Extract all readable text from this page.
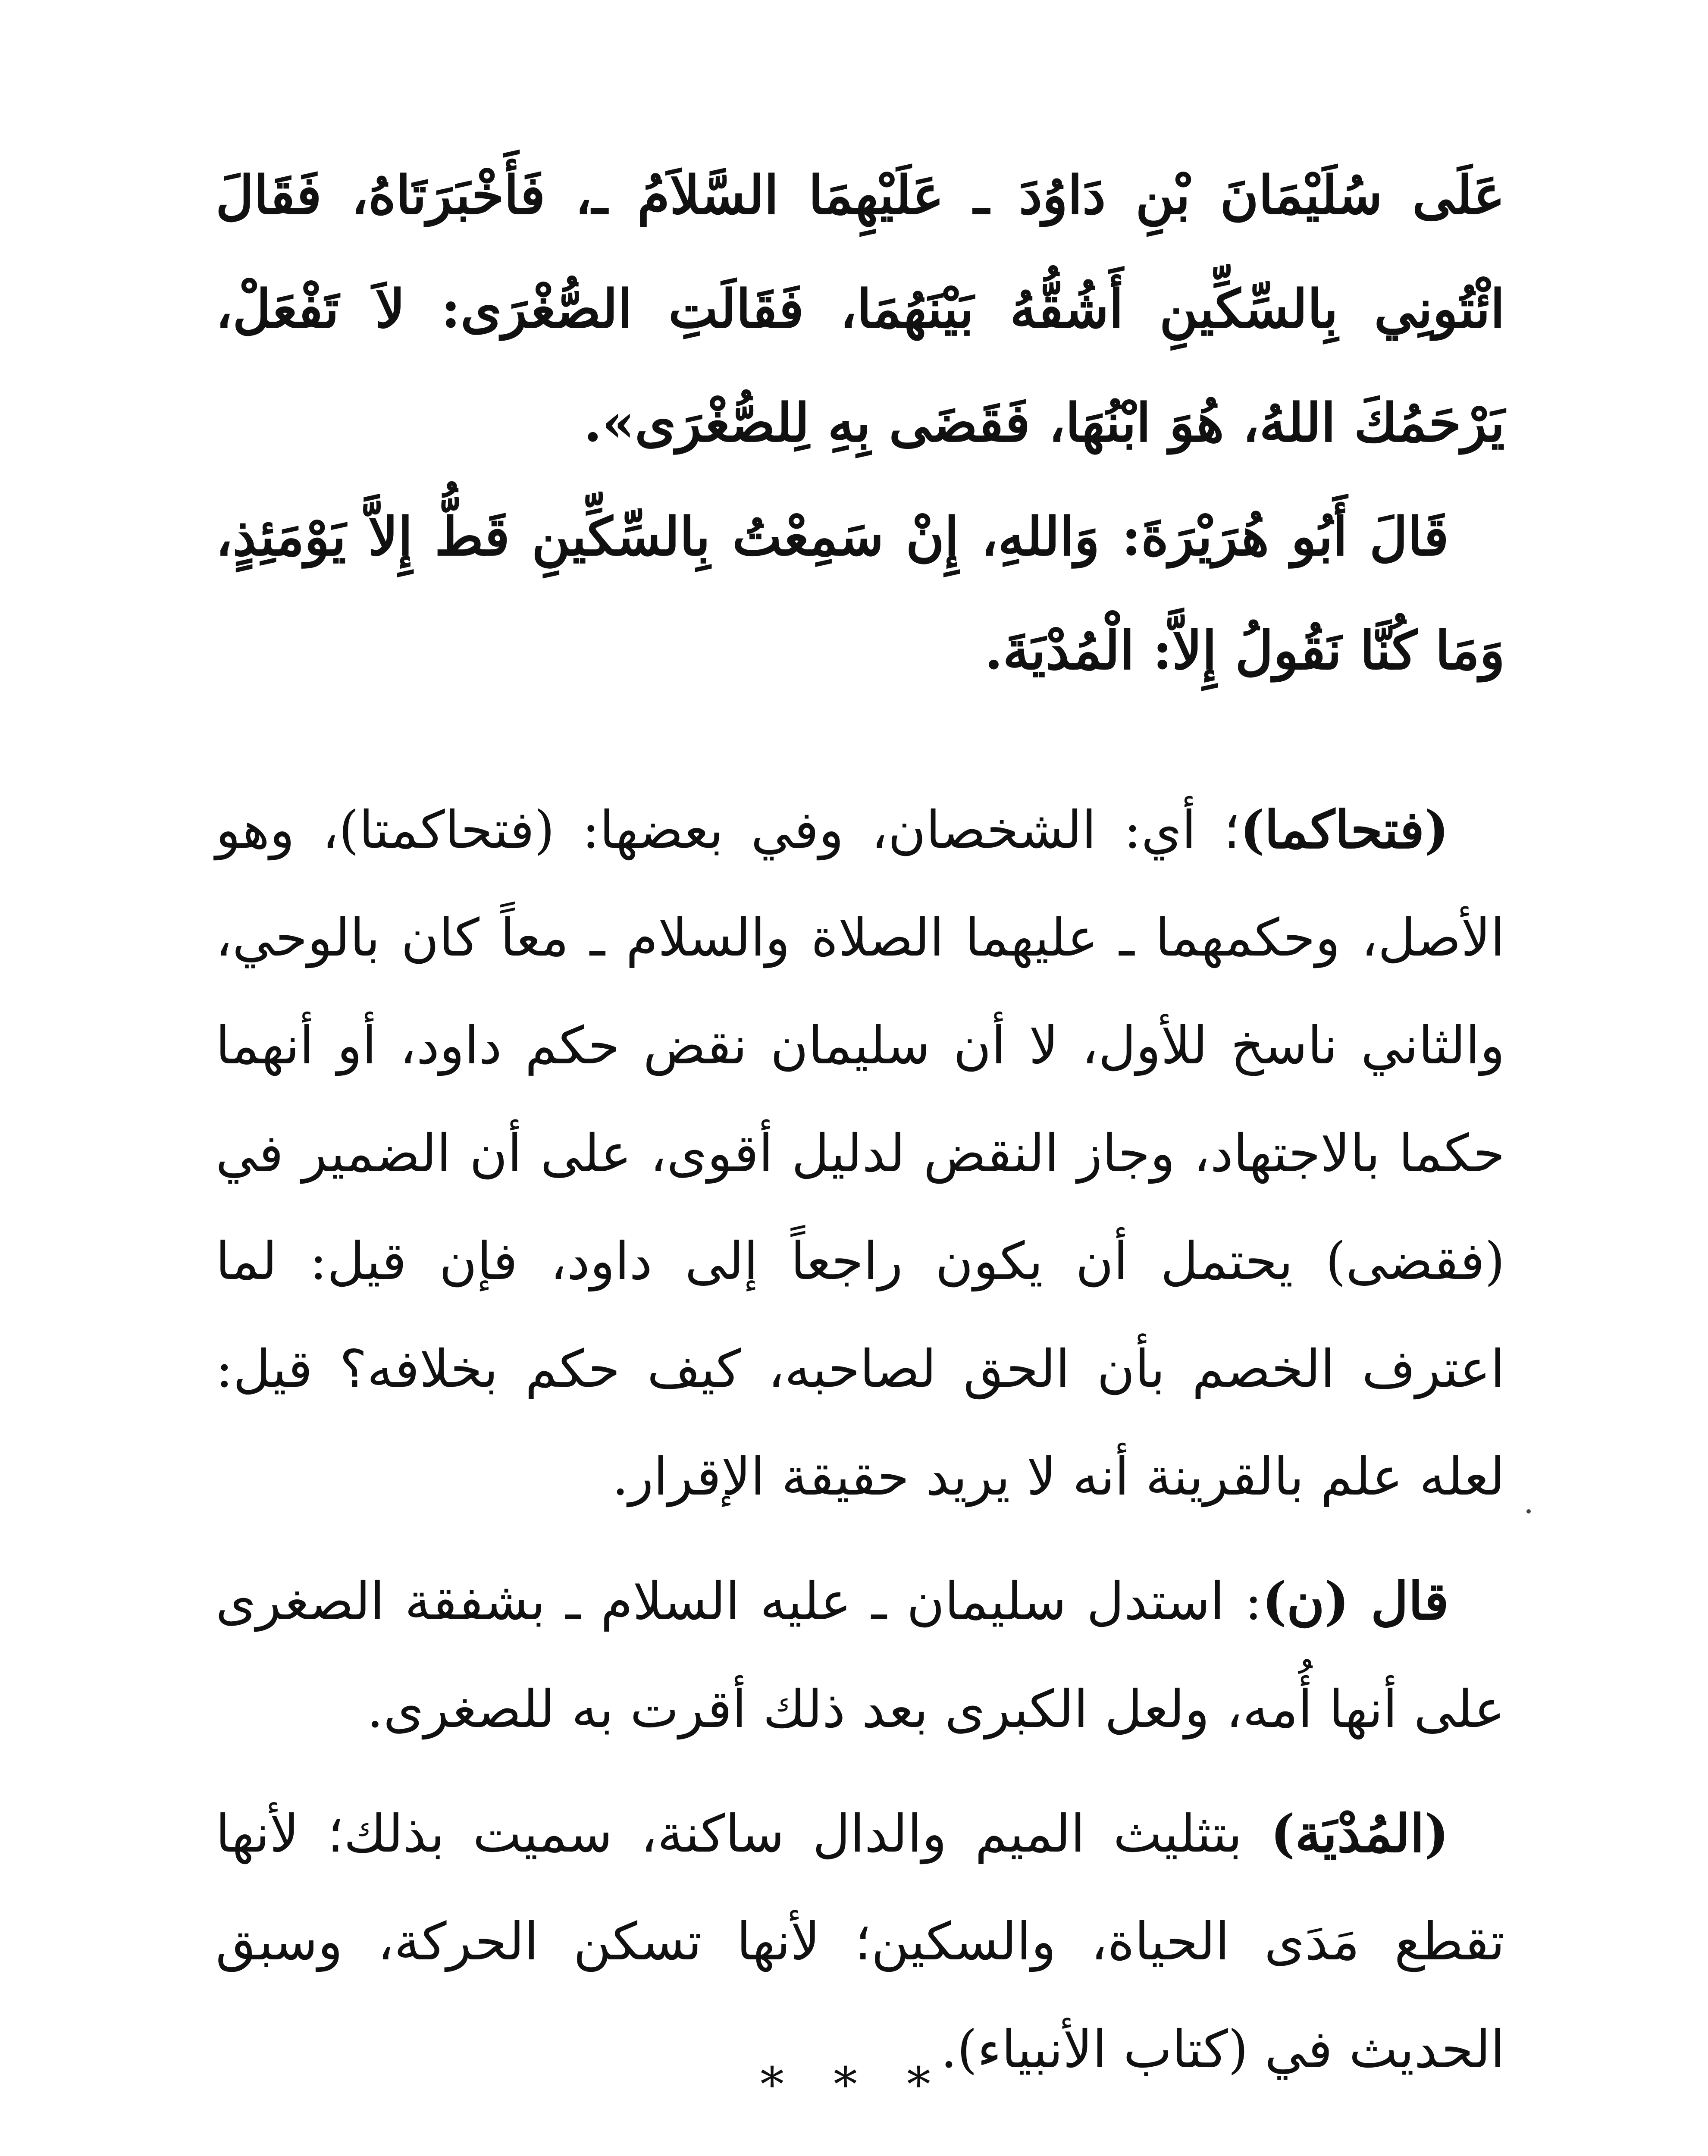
عَلَى سُلَيْمَانَ بْنِ دَاوُدَ ـ عَلَيْهِمَا السَّلاَمُ ـ، فَأَخْبَرَتَاهُ، فَقَالَ ائْتُونِي بِالسِّكِّينِ أَشُقُّهُ بَيْنَهُمَا، فَقَالَتِ الصُّغْرَى: لاَ تَفْعَلْ، يَرْحَمُكَ اللهُ، هُوَ ابْنُهَا، فَقَضَى بِهِ لِلصُّغْرَى».

قَالَ أَبُو هُرَيْرَةَ: وَاللهِ، إِنْ سَمِعْتُ بِالسِّكِّينِ قَطُّ إِلاَّ يَوْمَئِذٍ، وَمَا كُنَّا نَقُولُ إِلاَّ: الْمُدْيَةَ.

(فتحاكما)؛ أي: الشخصان، وفي بعضها: (فتحاكمتا)، وهو الأصل، وحكمهما ـ عليهما الصلاة والسلام ـ معاً كان بالوحي، والثاني ناسخ للأول، لا أن سليمان نقض حكم داود، أو أنهما حكما بالاجتهاد، وجاز النقض لدليل أقوى، على أن الضمير في (فقضى) يحتمل أن يكون راجعاً إلى داود، فإن قيل: لما اعترف الخصم بأن الحق لصاحبه، كيف حكم بخلافه؟ قيل: لعله علم بالقرينة أنه لا يريد حقيقة الإقرار.

قال (ن): استدل سليمان ـ عليه السلام ـ بشفقة الصغرى على أنها أُمه، ولعل الكبرى بعد ذلك أقرت به للصغرى.

(المُدْيَة) بتثليث الميم والدال ساكنة، سميت بذلك؛ لأنها تقطع مَدَى الحياة، والسكين؛ لأنها تسكن الحركة، وسبق الحديث في (كتاب الأنبياء).

* * *
